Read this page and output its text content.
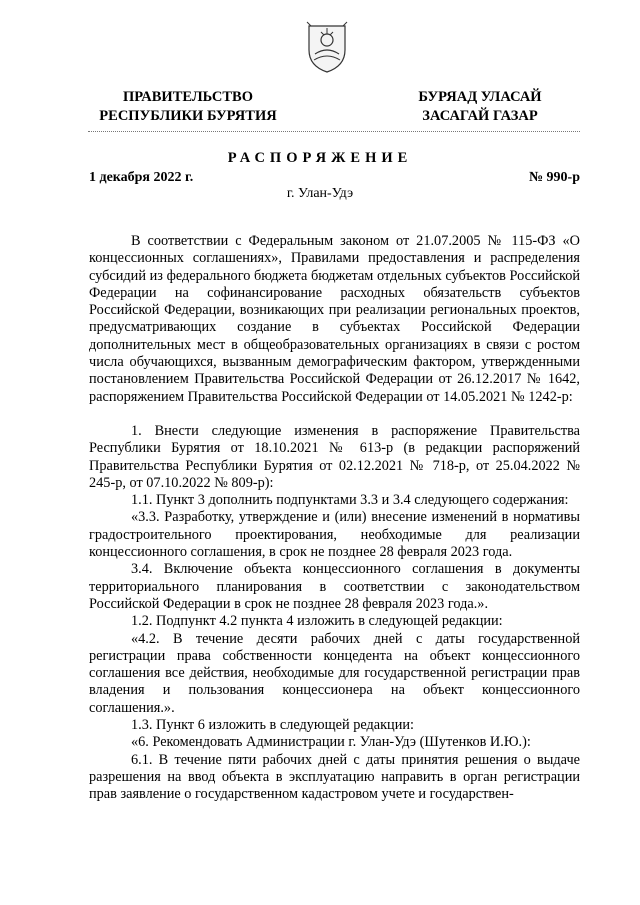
ПРАВИТЕЛЬСТВО
РЕСПУБЛИКИ БУРЯТИЯ
БУРЯАД УЛАСАЙ
ЗАСАГАЙ ГАЗАР
РАСПОРЯЖЕНИЕ
1 декабря 2022 г.	№ 990-р
г. Улан-Удэ

В соответствии с Федеральным законом от 21.07.2005 № 115-ФЗ «О концессионных соглашениях», Правилами предоставления и распределения субсидий из федерального бюджета бюджетам отдельных субъектов Российской Федерации на софинансирование расходных обязательств субъектов Российской Федерации, возникающих при реализации региональных проектов, предусматривающих создание в субъектах Российской Федерации дополнительных мест в общеобразовательных организациях в связи с ростом числа обучающихся, вызванным демографическим фактором, утвержденными постановлением Правительства Российской Федерации от 26.12.2017 № 1642, распоряжением Правительства Российской Федерации от 14.05.2021 № 1242-р:

1. Внести следующие изменения в распоряжение Правительства Республики Бурятия от 18.10.2021 № 613-р (в редакции распоряжений Правительства Республики Бурятия от 02.12.2021 № 718-р, от 25.04.2022 № 245-р, от 07.10.2022 № 809-р):

1.1. Пункт 3 дополнить подпунктами 3.3 и 3.4 следующего содержания:

«3.3. Разработку, утверждение и (или) внесение изменений в нормативы градостроительного проектирования, необходимые для реализации концессионного соглашения, в срок не позднее 28 февраля 2023 года.

3.4. Включение объекта концессионного соглашения в документы территориального планирования в соответствии с законодательством Российской Федерации в срок не позднее 28 февраля 2023 года.».

1.2. Подпункт 4.2 пункта 4 изложить в следующей редакции:

«4.2. В течение десяти рабочих дней с даты государственной регистрации права собственности концедента на объект концессионного соглашения все действия, необходимые для государственной регистрации прав владения и пользования концессионера на объект концессионного соглашения.».

1.3. Пункт 6 изложить в следующей редакции:

«6. Рекомендовать Администрации г. Улан-Удэ (Шутенков И.Ю.):

6.1. В течение пяти рабочих дней с даты принятия решения о выдаче разрешения на ввод объекта в эксплуатацию направить в орган регистрации прав заявление о государственном кадастровом учете и государствен-
